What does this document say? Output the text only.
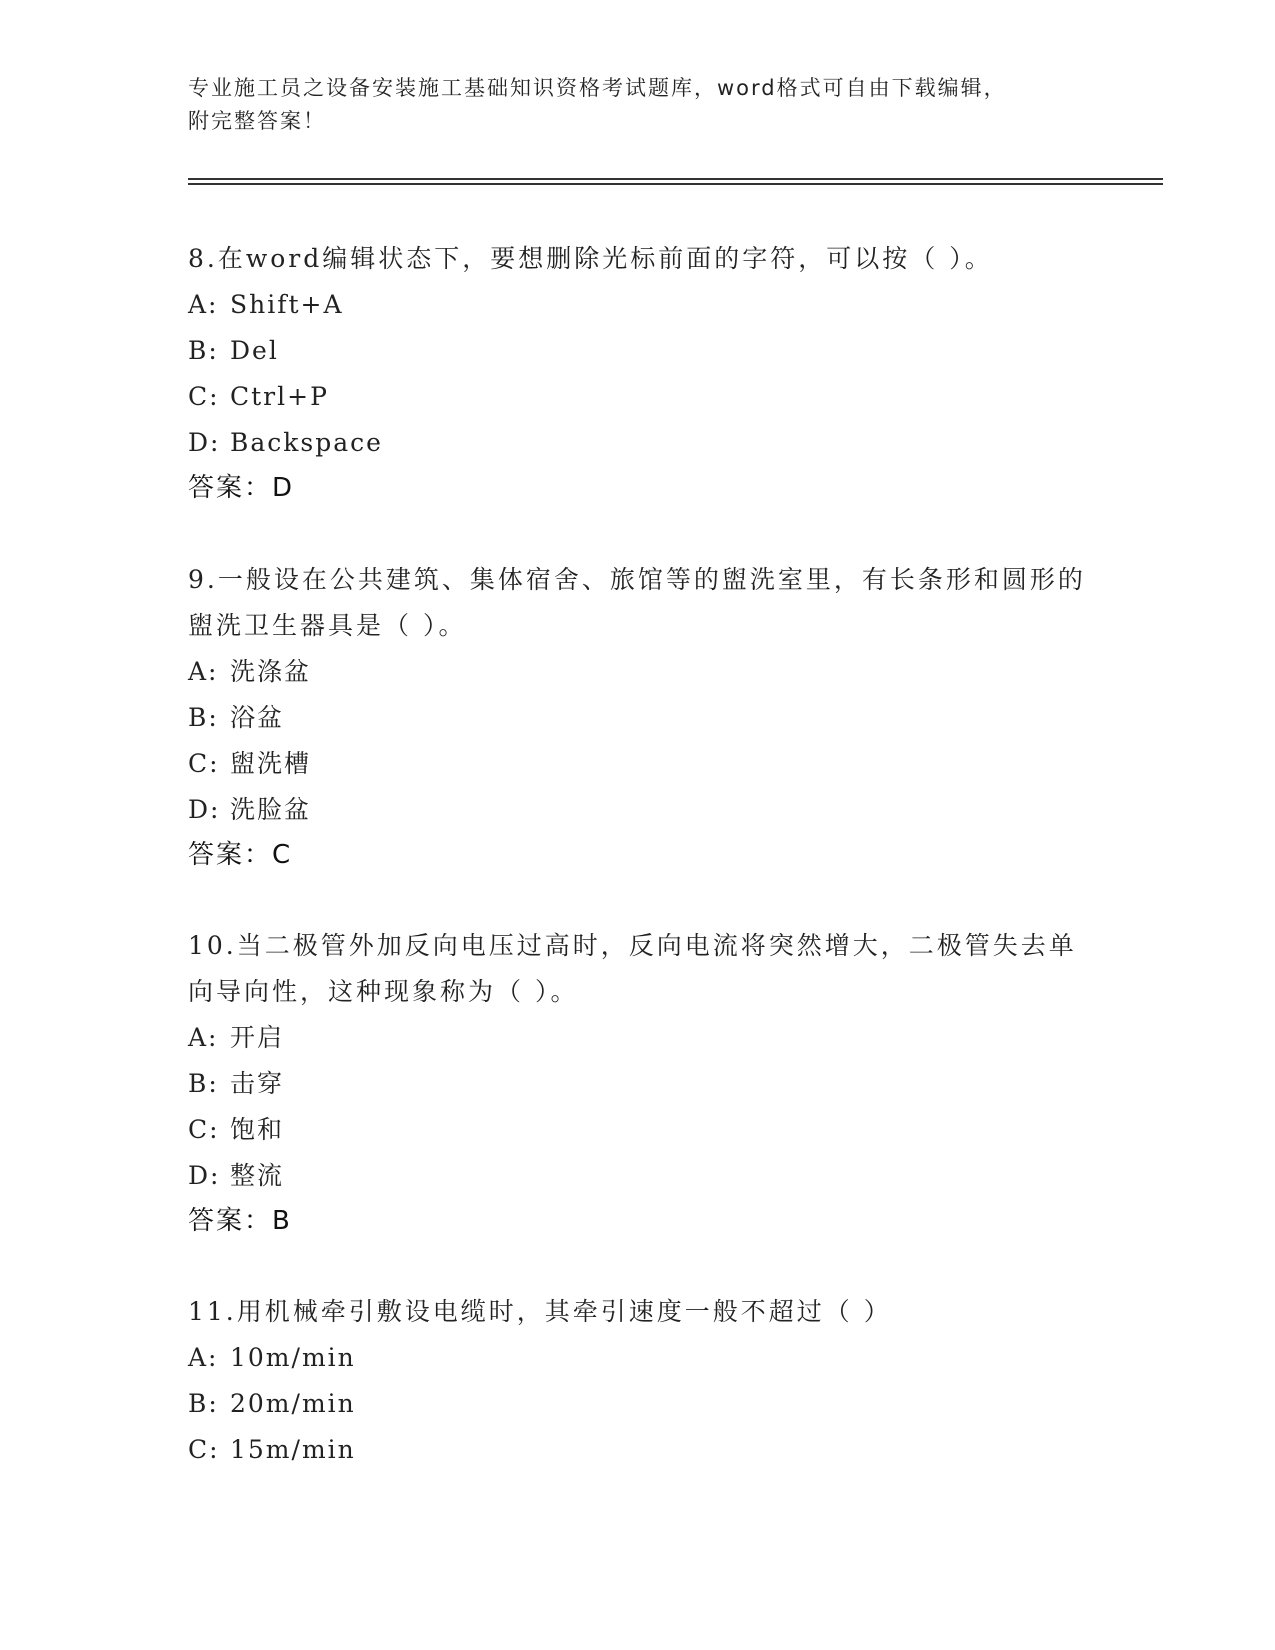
专业施工员之设备安装施工基础知识资格考试题库，word格式可自由下载编辑，
附完整答案！
8.在word编辑状态下，要想删除光标前面的字符，可以按（ ）。
A: Shift+A
B: Del
C: Ctrl+P
D: Backspace
答案：D
9.一般设在公共建筑、集体宿舍、旅馆等的盥洗室里，有长条形和圆形的盥洗卫生器具是（ ）。
A: 洗涤盆
B: 浴盆
C: 盥洗槽
D: 洗脸盆
答案：C
10.当二极管外加反向电压过高时，反向电流将突然增大，二极管失去单向导向性，这种现象称为（ ）。
A: 开启
B: 击穿
C: 饱和
D: 整流
答案：B
11.用机械牵引敷设电缆时，其牵引速度一般不超过（ ）
A: 10m/min
B: 20m/min
C: 15m/min
